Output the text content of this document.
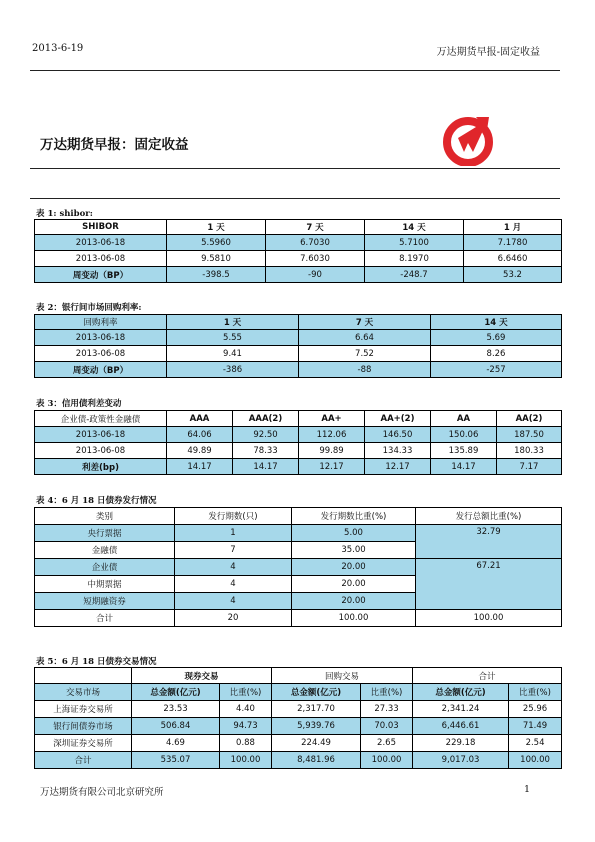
2013-6-19	万达期货早报-固定收益
万达期货早报：固定收益
表 1: shibor:
SHIBOR	1 天	7 天	14 天	1 月
2013-06-18	5.5960	6.7030	5.7100	7.1780
2013-06-08	9.5810	7.6030	8.1970	6.6460
周变动（BP）	-398.5	-90	-248.7	53.2
表 2：银行间市场回购利率:
回购利率	1 天	7 天	14 天
2013-06-18	5.55	6.64	5.69
2013-06-08	9.41	7.52	8.26
周变动（BP）	-386	-88	-257
表 3：信用债利差变动
企业债-政策性金融债	AAA	AAA(2)	AA+	AA+(2)	AA	AA(2)
2013-06-18	64.06	92.50	112.06	146.50	150.06	187.50
2013-06-08	49.89	78.33	99.89	134.33	135.89	180.33
利差(bp)	14.17	14.17	12.17	12.17	14.17	7.17
表 4：6 月 18 日债券发行情况
类别	发行期数(只)	发行期数比重(%)	发行总额比重(%)
央行票据	1	5.00	32.79
金融债	7	35.00	
企业债	4	20.00	67.21
中期票据	4	20.00	
短期融资券	4	20.00	
合计	20	100.00	100.00
表 5：6 月 18 日债券交易情况
	现券交易		回购交易		合计	
交易市场	总金额(亿元)	比重(%)	总金额(亿元)	比重(%)	总金额(亿元)	比重(%)
上海证券交易所	23.53	4.40	2,317.70	27.33	2,341.24	25.96
银行间债券市场	506.84	94.73	5,939.76	70.03	6,446.61	71.49
深圳证券交易所	4.69	0.88	224.49	2.65	229.18	2.54
合计	535.07	100.00	8,481.96	100.00	9,017.03	100.00
万达期货有限公司北京研究所	1
